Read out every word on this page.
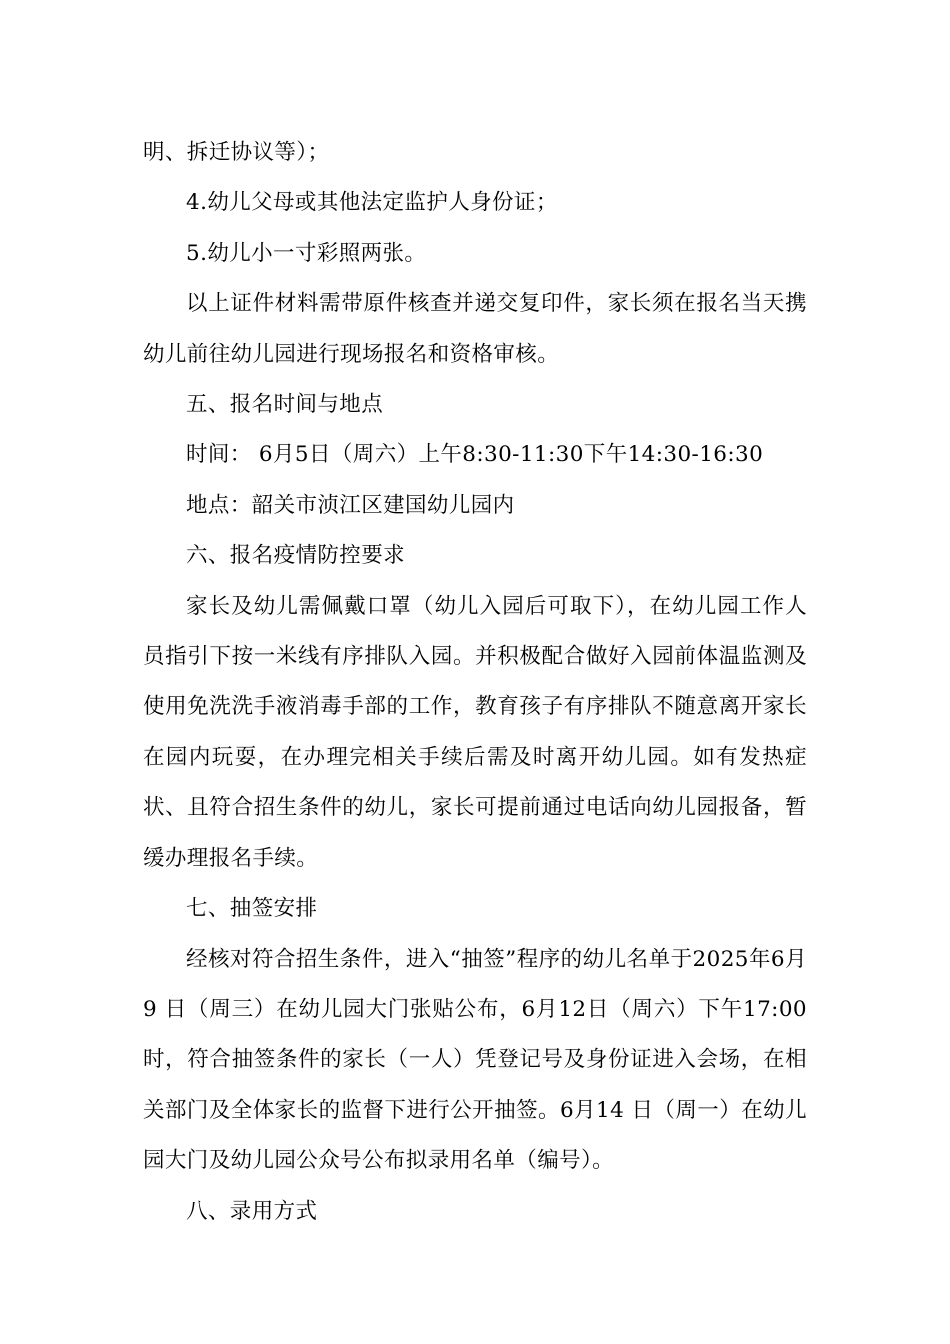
明、拆迁协议等）；

4.幼儿父母或其他法定监护人身份证；

5.幼儿小一寸彩照两张。

以上证件材料需带原件核查并递交复印件，家长须在报名当天携幼儿前往幼儿园进行现场报名和资格审核。

五、报名时间与地点

时间： 6月5日（周六）上午8:30-11:30下午14:30-16:30

地点：韶关市浈江区建国幼儿园内

六、报名疫情防控要求

家长及幼儿需佩戴口罩（幼儿入园后可取下），在幼儿园工作人员指引下按一米线有序排队入园。并积极配合做好入园前体温监测及使用免洗洗手液消毒手部的工作，教育孩子有序排队不随意离开家长在园内玩耍，在办理完相关手续后需及时离开幼儿园。如有发热症状、且符合招生条件的幼儿，家长可提前通过电话向幼儿园报备，暂缓办理报名手续。

七、抽签安排

经核对符合招生条件，进入“抽签”程序的幼儿名单于2025年6月9 日（周三）在幼儿园大门张贴公布，6月12日（周六）下午17:00时，符合抽签条件的家长（一人）凭登记号及身份证进入会场，在相关部门及全体家长的监督下进行公开抽签。6月14 日（周一）在幼儿园大门及幼儿园公众号公布拟录用名单（编号）。

八、录用方式
